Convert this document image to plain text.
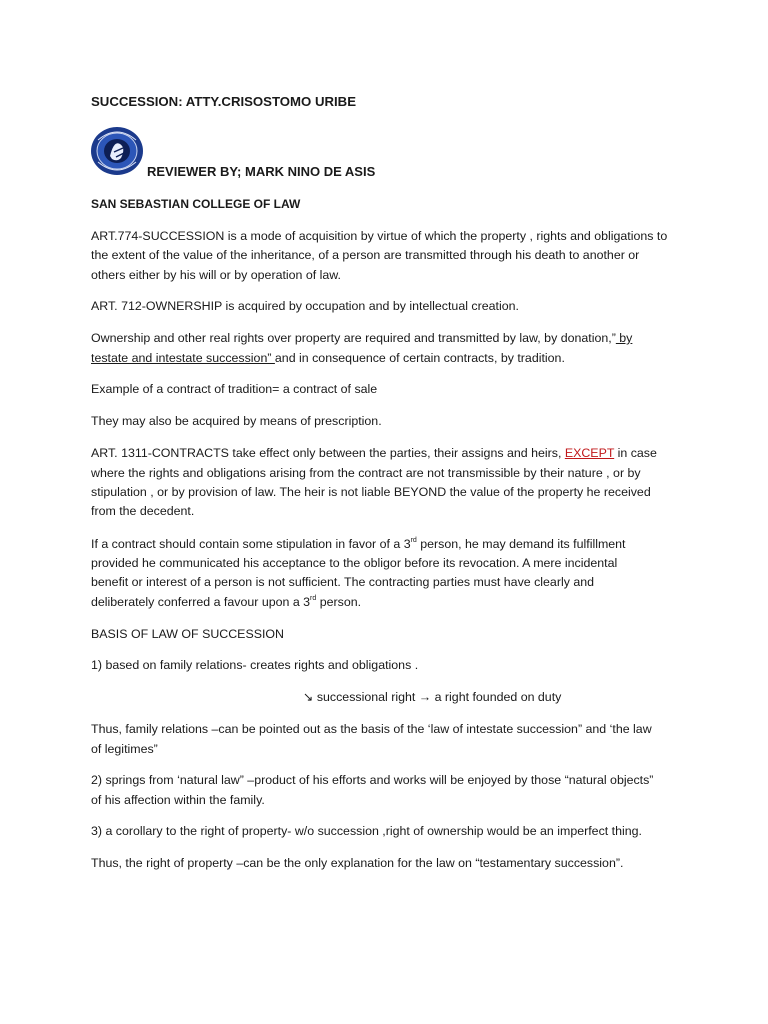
SUCCESSION: ATTY.CRISOSTOMO URIBE
REVIEWER BY; MARK NINO DE ASIS
SAN SEBASTIAN COLLEGE OF LAW
ART.774-SUCCESSION is a mode of acquisition by virtue of which the property , rights and obligations to
the extent of the value of the inheritance, of a person are transmitted through his death to another or
others either by his will or by operation of law.
ART. 712-OWNERSHIP is acquired by occupation and by intellectual creation.
Ownership and other real rights over property are required and transmitted by law, by donation,” by
testate and intestate succession” and in consequence of certain contracts, by tradition.
Example of a contract of tradition= a contract of sale
They may also be acquired by means of prescription.
ART. 1311-CONTRACTS take effect only between the parties, their assigns and heirs, EXCEPT in case
where the rights and obligations arising from the contract are not transmissible by their nature , or by
stipulation , or by provision of law. The heir is not liable BEYOND the value of the property he received
from the decedent.
If a contract should contain some stipulation in favor of a 3rd person, he may demand its fulfillment
provided he communicated his acceptance to the obligor before its revocation. A mere incidental
benefit or interest of a person is not sufficient. The contracting parties must have clearly and
deliberately conferred a favour upon a 3rd person.
BASIS OF LAW OF SUCCESSION
1) based on family relations- creates rights and obligations .
↘ successional right → a right founded on duty
Thus, family relations –can be pointed out as the basis of the ‘law of intestate succession” and ‘the law
of legitimes”
2) springs from ‘natural law” –product of his efforts and works will be enjoyed by those “natural objects”
of his affection within the family.
3) a corollary to the right of property- w/o succession ,right of ownership would be an imperfect thing.
Thus, the right of property –can be the only explanation for the law on “testamentary succession”.
